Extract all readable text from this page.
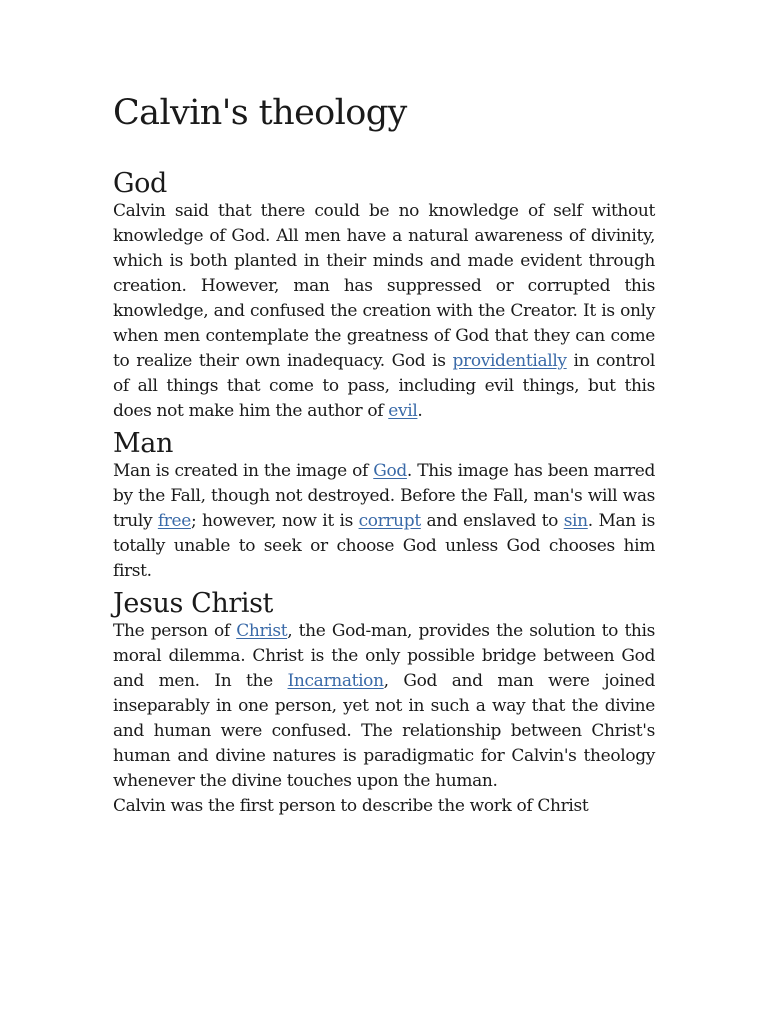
Calvin's theology
God

Calvin said that there could be no knowledge of self without knowledge of God. All men have a natural awareness of divinity, which is both planted in their minds and made evident through creation. However, man has suppressed or corrupted this knowledge, and confused the creation with the Creator. It is only when men contemplate the greatness of God that they can come to realize their own inadequacy. God is providentially in control of all things that come to pass, including evil things, but this does not make him the author of evil.

Man

Man is created in the image of God. This image has been marred by the Fall, though not destroyed. Before the Fall, man's will was truly free; however, now it is corrupt and enslaved to sin. Man is totally unable to seek or choose God unless God chooses him first.

Jesus Christ

The person of Christ, the God-man, provides the solution to this moral dilemma. Christ is the only possible bridge between God and men. In the Incarnation, God and man were joined inseparably in one person, yet not in such a way that the divine and human were confused. The relationship between Christ's human and divine natures is paradigmatic for Calvin's theology whenever the divine touches upon the human.

Calvin was the first person to describe the work of Christ
